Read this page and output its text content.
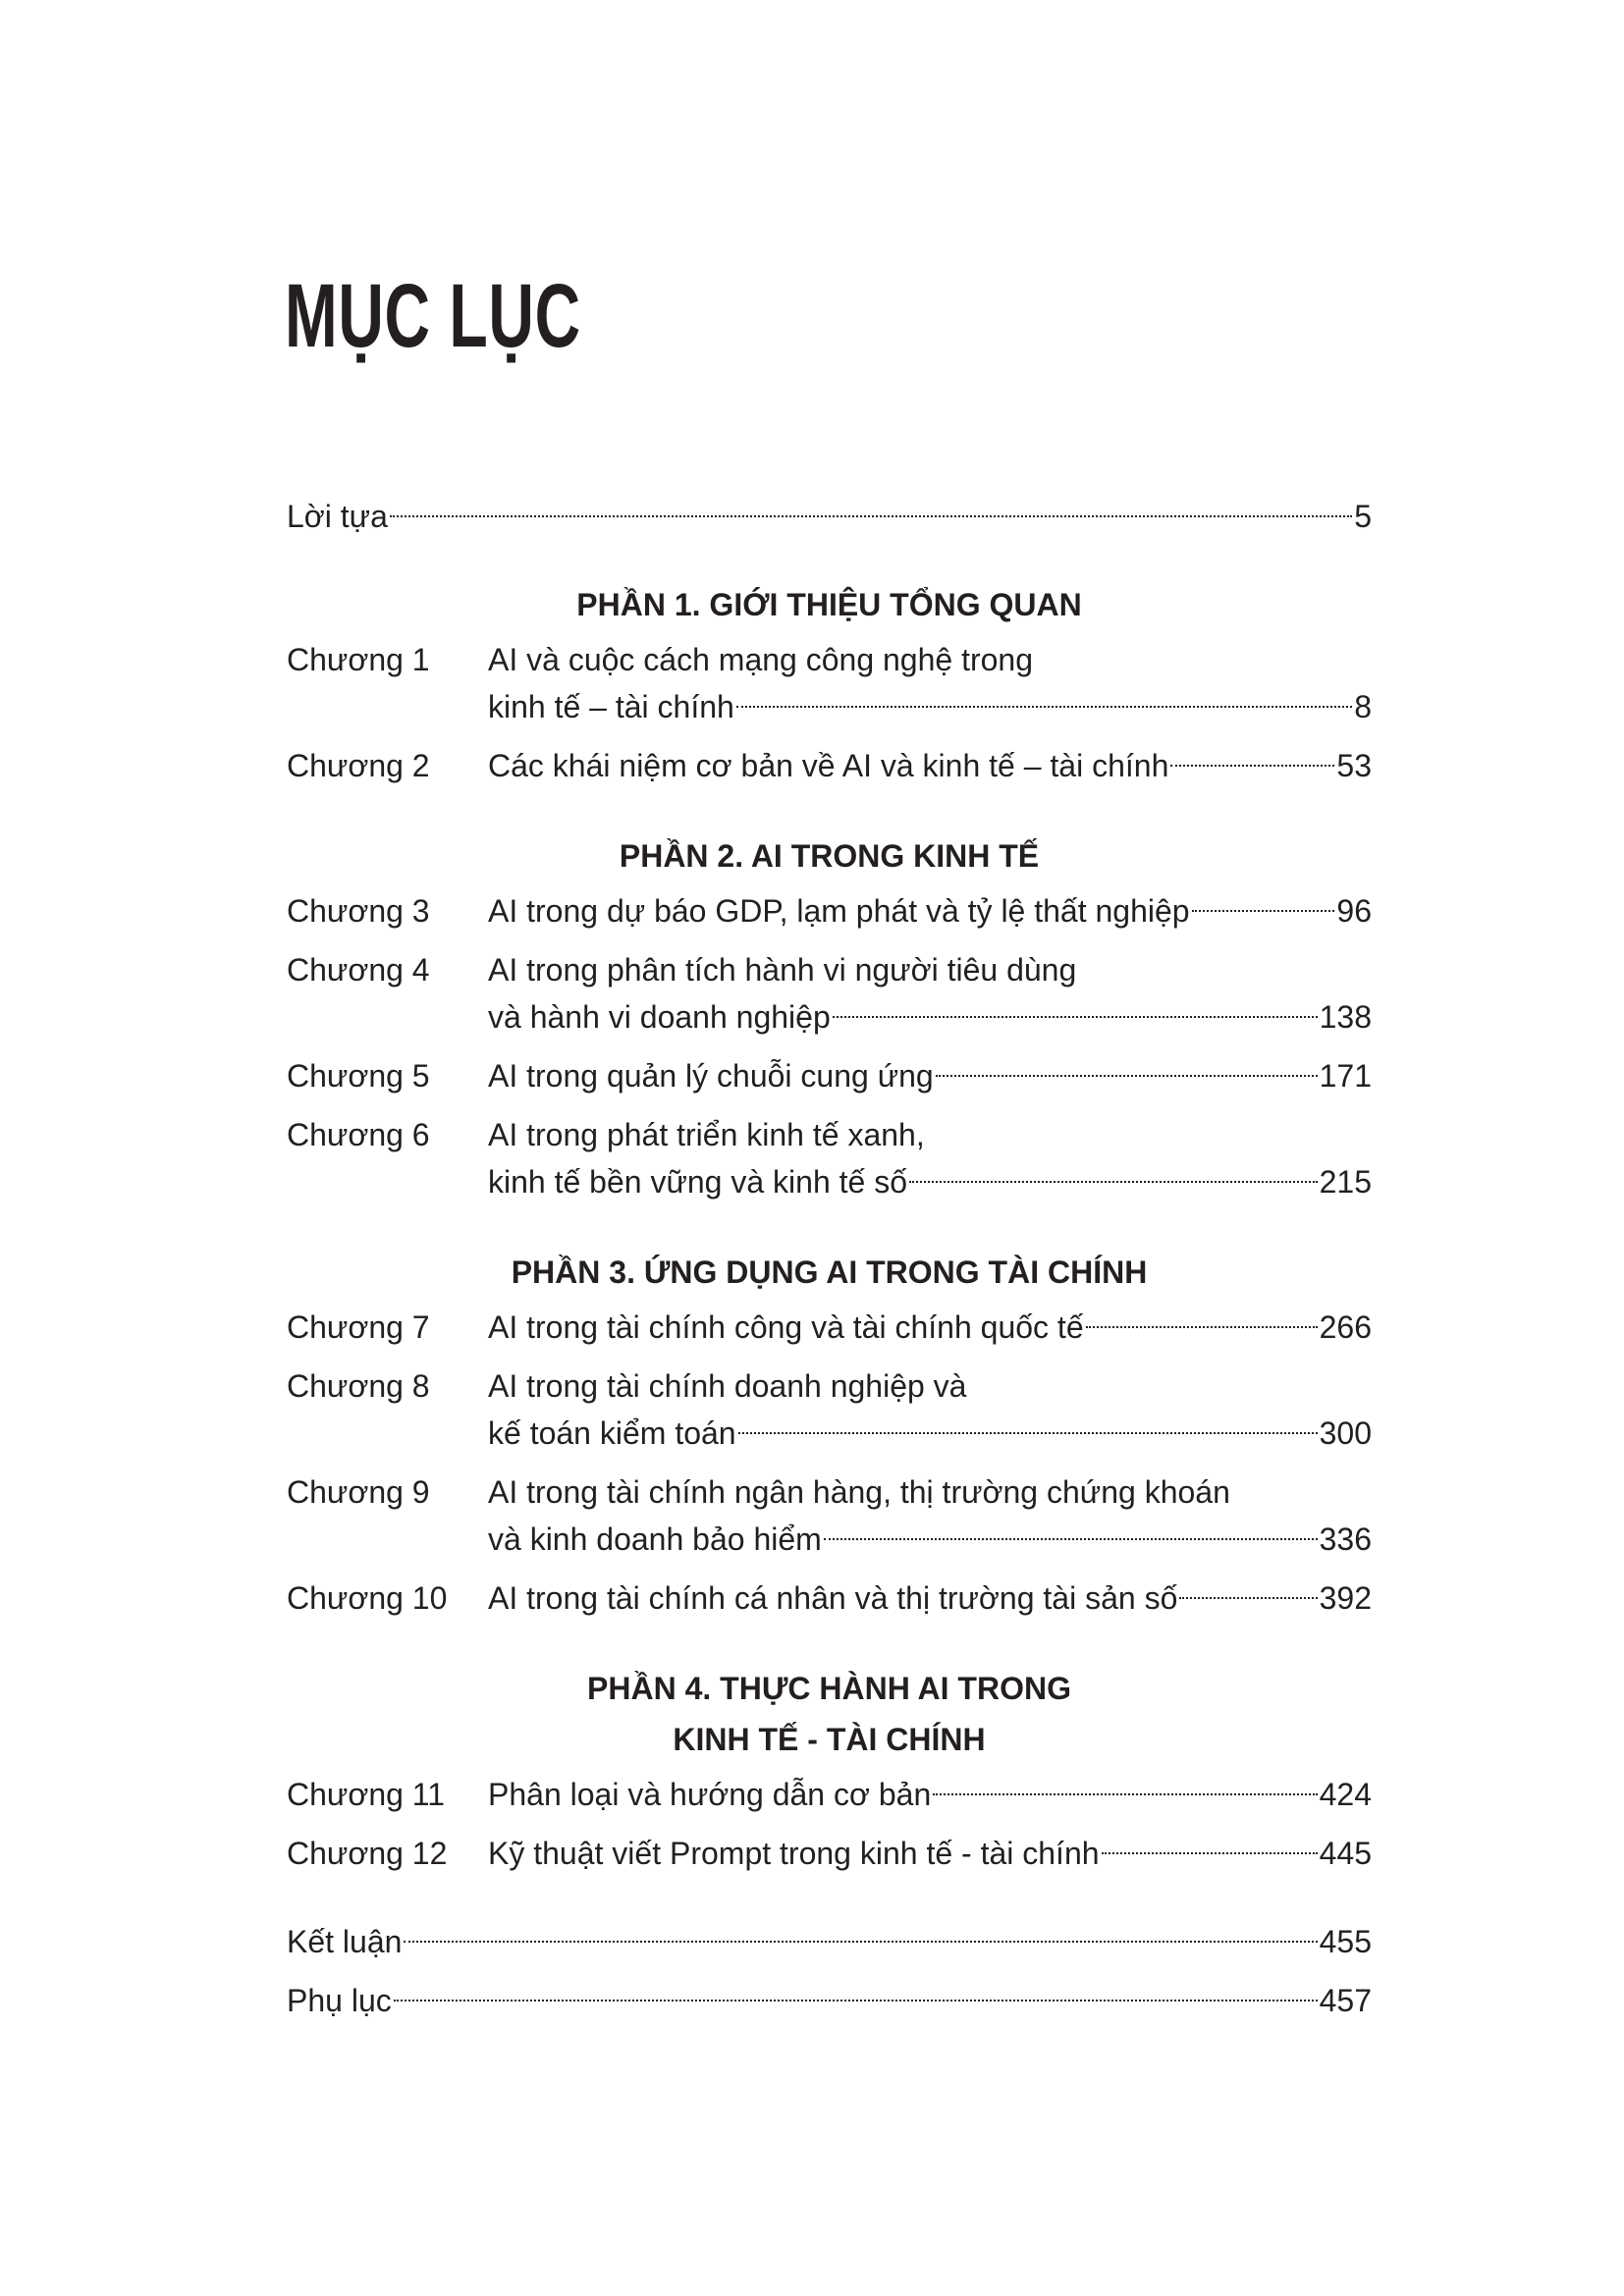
MỤC LỤC
Lời tựa	5
PHẦN 1. GIỚI THIỆU TỔNG QUAN
Chương 1	AI và cuộc cách mạng công nghệ trong
kinh tế – tài chính	8
Chương 2	Các khái niệm cơ bản về AI và kinh tế – tài chính	53
PHẦN 2. AI TRONG KINH TẾ
Chương 3	AI trong dự báo GDP, lạm phát và tỷ lệ thất nghiệp	96
Chương 4	AI trong phân tích hành vi người tiêu dùng
và hành vi doanh nghiệp	138
Chương 5	AI trong quản lý chuỗi cung ứng	171
Chương 6	AI trong phát triển kinh tế xanh,
kinh tế bền vững và kinh tế số	215
PHẦN 3. ỨNG DỤNG AI TRONG TÀI CHÍNH
Chương 7	AI trong tài chính công và tài chính quốc tế	266
Chương 8	AI trong tài chính doanh nghiệp và
kế toán kiểm toán	300
Chương 9	AI trong tài chính ngân hàng, thị trường chứng khoán
và kinh doanh bảo hiểm	336
Chương 10	AI trong tài chính cá nhân và thị trường tài sản số	392
PHẦN 4. THỰC HÀNH AI TRONG
KINH TẾ - TÀI CHÍNH
Chương 11	Phân loại và hướng dẫn cơ bản	424
Chương 12	Kỹ thuật viết Prompt trong kinh tế - tài chính	445
Kết luận	455
Phụ lục	457
